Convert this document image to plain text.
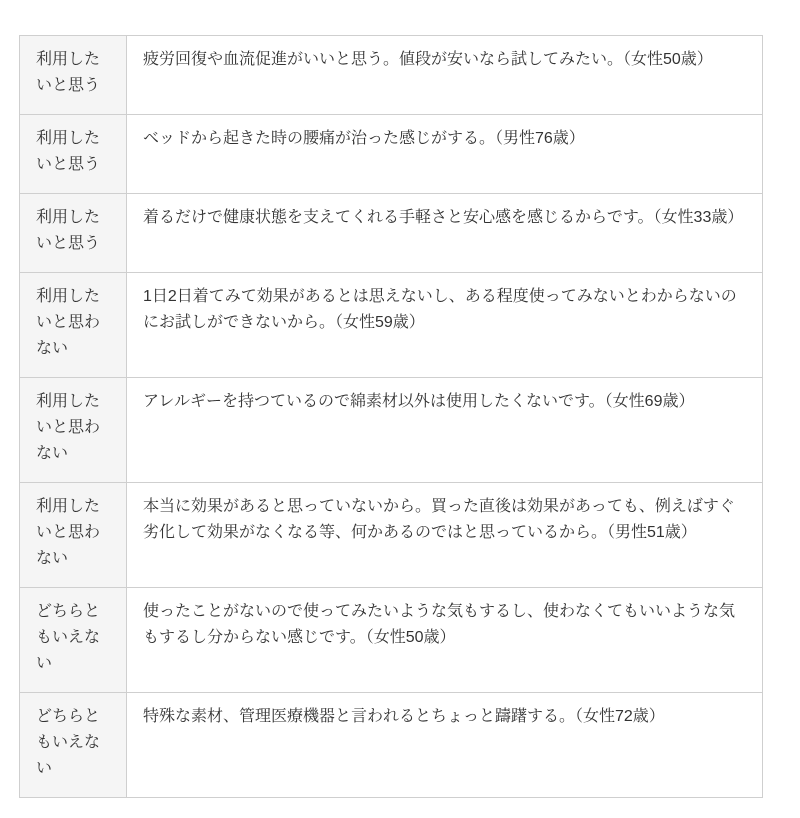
利用したいと思う	疲労回復や血流促進がいいと思う。値段が安いなら試してみたい。（女性50歳）
利用したいと思う	ベッドから起きた時の腰痛が治った感じがする。（男性76歳）
利用したいと思う	着るだけで健康状態を支えてくれる手軽さと安心感を感じるからです。（女性33歳）
利用したいと思わない	1日2日着てみて効果があるとは思えないし、ある程度使ってみないとわからないのにお試しができないから。（女性59歳）
利用したいと思わない	アレルギーを持つているので綿素材以外は使用したくないです。（女性69歳）
利用したいと思わない	本当に効果があると思っていないから。買った直後は効果があっても、例えばすぐ劣化して効果がなくなる等、何かあるのではと思っているから。（男性51歳）
どちらともいえない	使ったことがないので使ってみたいような気もするし、使わなくてもいいような気もするし分からない感じです。（女性50歳）
どちらともいえない	特殊な素材、管理医療機器と言われるとちょっと躊躇する。（女性72歳）
